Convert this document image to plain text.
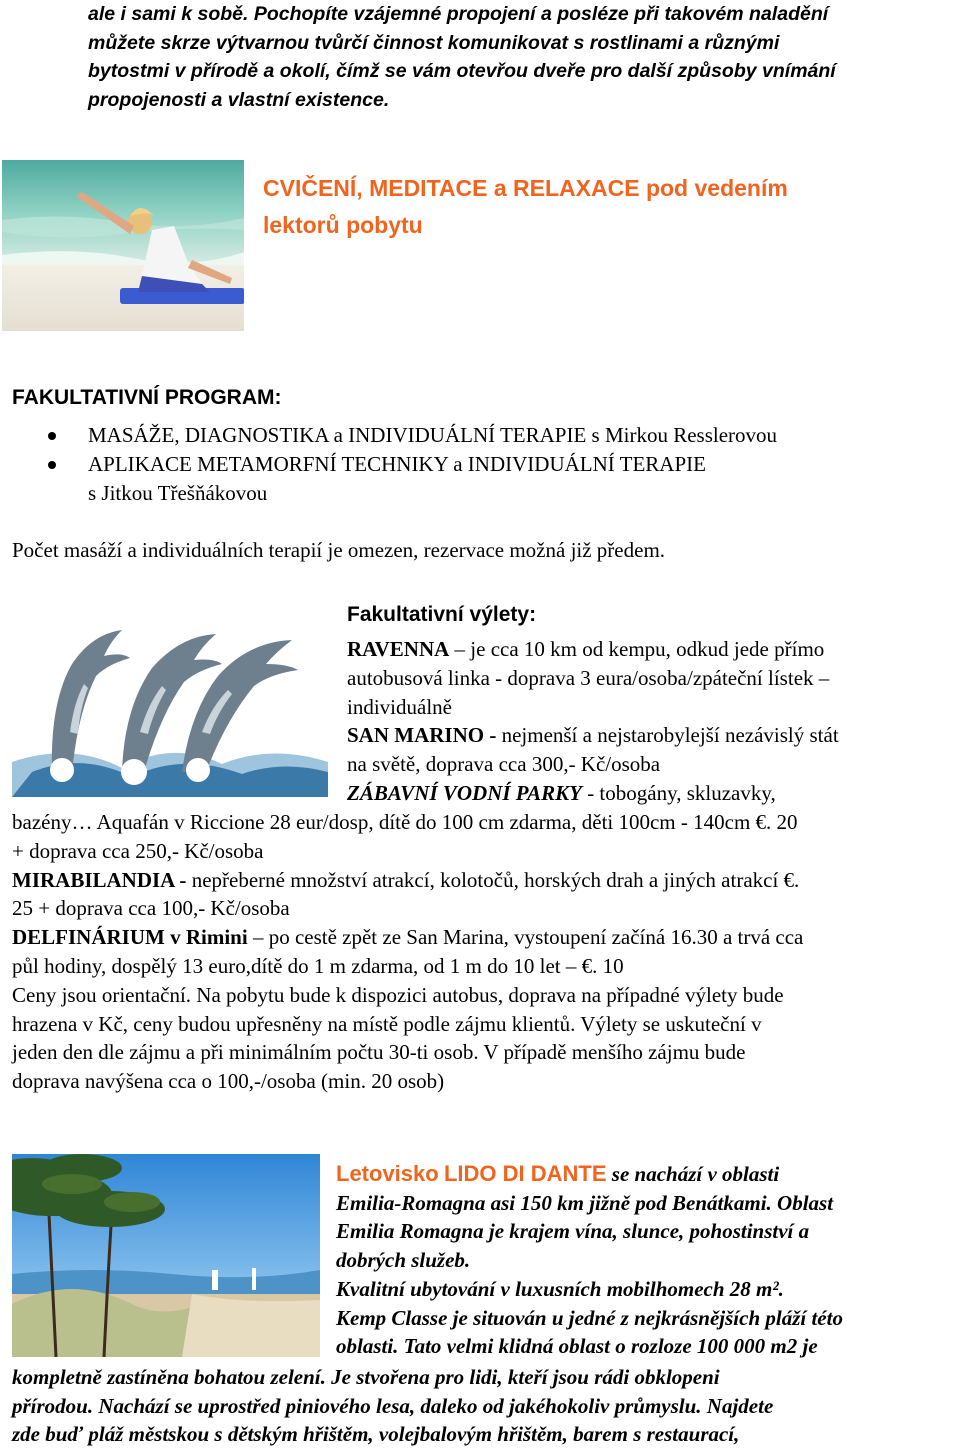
ale i sami k sobě. Pochopíte vzájemné propojení a posléze při takovém naladění

můžete skrze výtvarnou tvůrčí činnost komunikovat s rostlinami a různými

bytostmi v přírodě a okolí, čímž se vám otevřou dveře pro další způsoby vnímání

propojenosti a vlastní existence.

CVIČENÍ, MEDITACE a RELAXACE pod vedením
lektorů pobytu
FAKULTATIVNÍ PROGRAM:
MASÁŽE, DIAGNOSTIKA a INDIVIDUÁLNÍ TERAPIE s Mirkou Resslerovou
APLIKACE METAMORFNÍ TECHNIKY a INDIVIDUÁLNÍ TERAPIE
s Jitkou Třešňákovou
Počet masáží a individuálních terapií je omezen, rezervace možná již předem.
Fakultativní výlety:

RAVENNA – je cca 10 km od kempu, odkud jede přímo

autobusová linka - doprava 3 eura/osoba/zpáteční lístek –

individuálně

SAN MARINO - nejmenší a nejstarobylejší nezávislý stát

na světě, doprava cca 300,- Kč/osoba

ZÁBAVNÍ VODNÍ PARKY - tobogány, skluzavky,

bazény… Aquafán v Riccione 28 eur/dosp, dítě do 100 cm zdarma, děti 100cm - 140cm €. 20

+ doprava cca 250,- Kč/osoba

MIRABILANDIA - nepřeberné množství atrakcí, kolotočů, horských drah a jiných atrakcí €.

25 + doprava cca 100,- Kč/osoba

DELFINÁRIUM v Rimini – po cestě zpět ze San Marina, vystoupení začíná 16.30 a trvá cca

půl hodiny, dospělý 13 euro,dítě do 1 m zdarma, od 1 m do 10 let – €. 10

Ceny jsou orientační. Na pobytu bude k dispozici autobus, doprava na případné výlety bude

hrazena v Kč, ceny budou upřesněny na místě podle zájmu klientů. Výlety se uskuteční v

jeden den dle zájmu a při minimálním počtu 30-ti osob. V případě menšího zájmu bude

doprava navýšena cca o 100,-/osoba (min. 20 osob)

Letovisko LIDO DI DANTE se nachází v oblasti

Emilia-Romagna asi 150 km jižně pod Benátkami. Oblast

Emilia Romagna je krajem vína, slunce, pohostinství a

dobrých služeb.

Kvalitní ubytování v luxusních mobilhomech 28 m².

Kemp Classe je situován u jedné z nejkrásnějších pláží této

oblasti. Tato velmi klidná oblast o rozloze 100 000 m2 je

kompletně zastíněna bohatou zelení. Je stvořena pro lidi, kteří jsou rádi obklopeni

přírodou. Nachází se uprostřed piniového lesa, daleko od jakéhokoliv průmyslu. Najdete

zde buď pláž městskou s dětským hřištěm, volejbalovým hřištěm, barem s restaurací,
